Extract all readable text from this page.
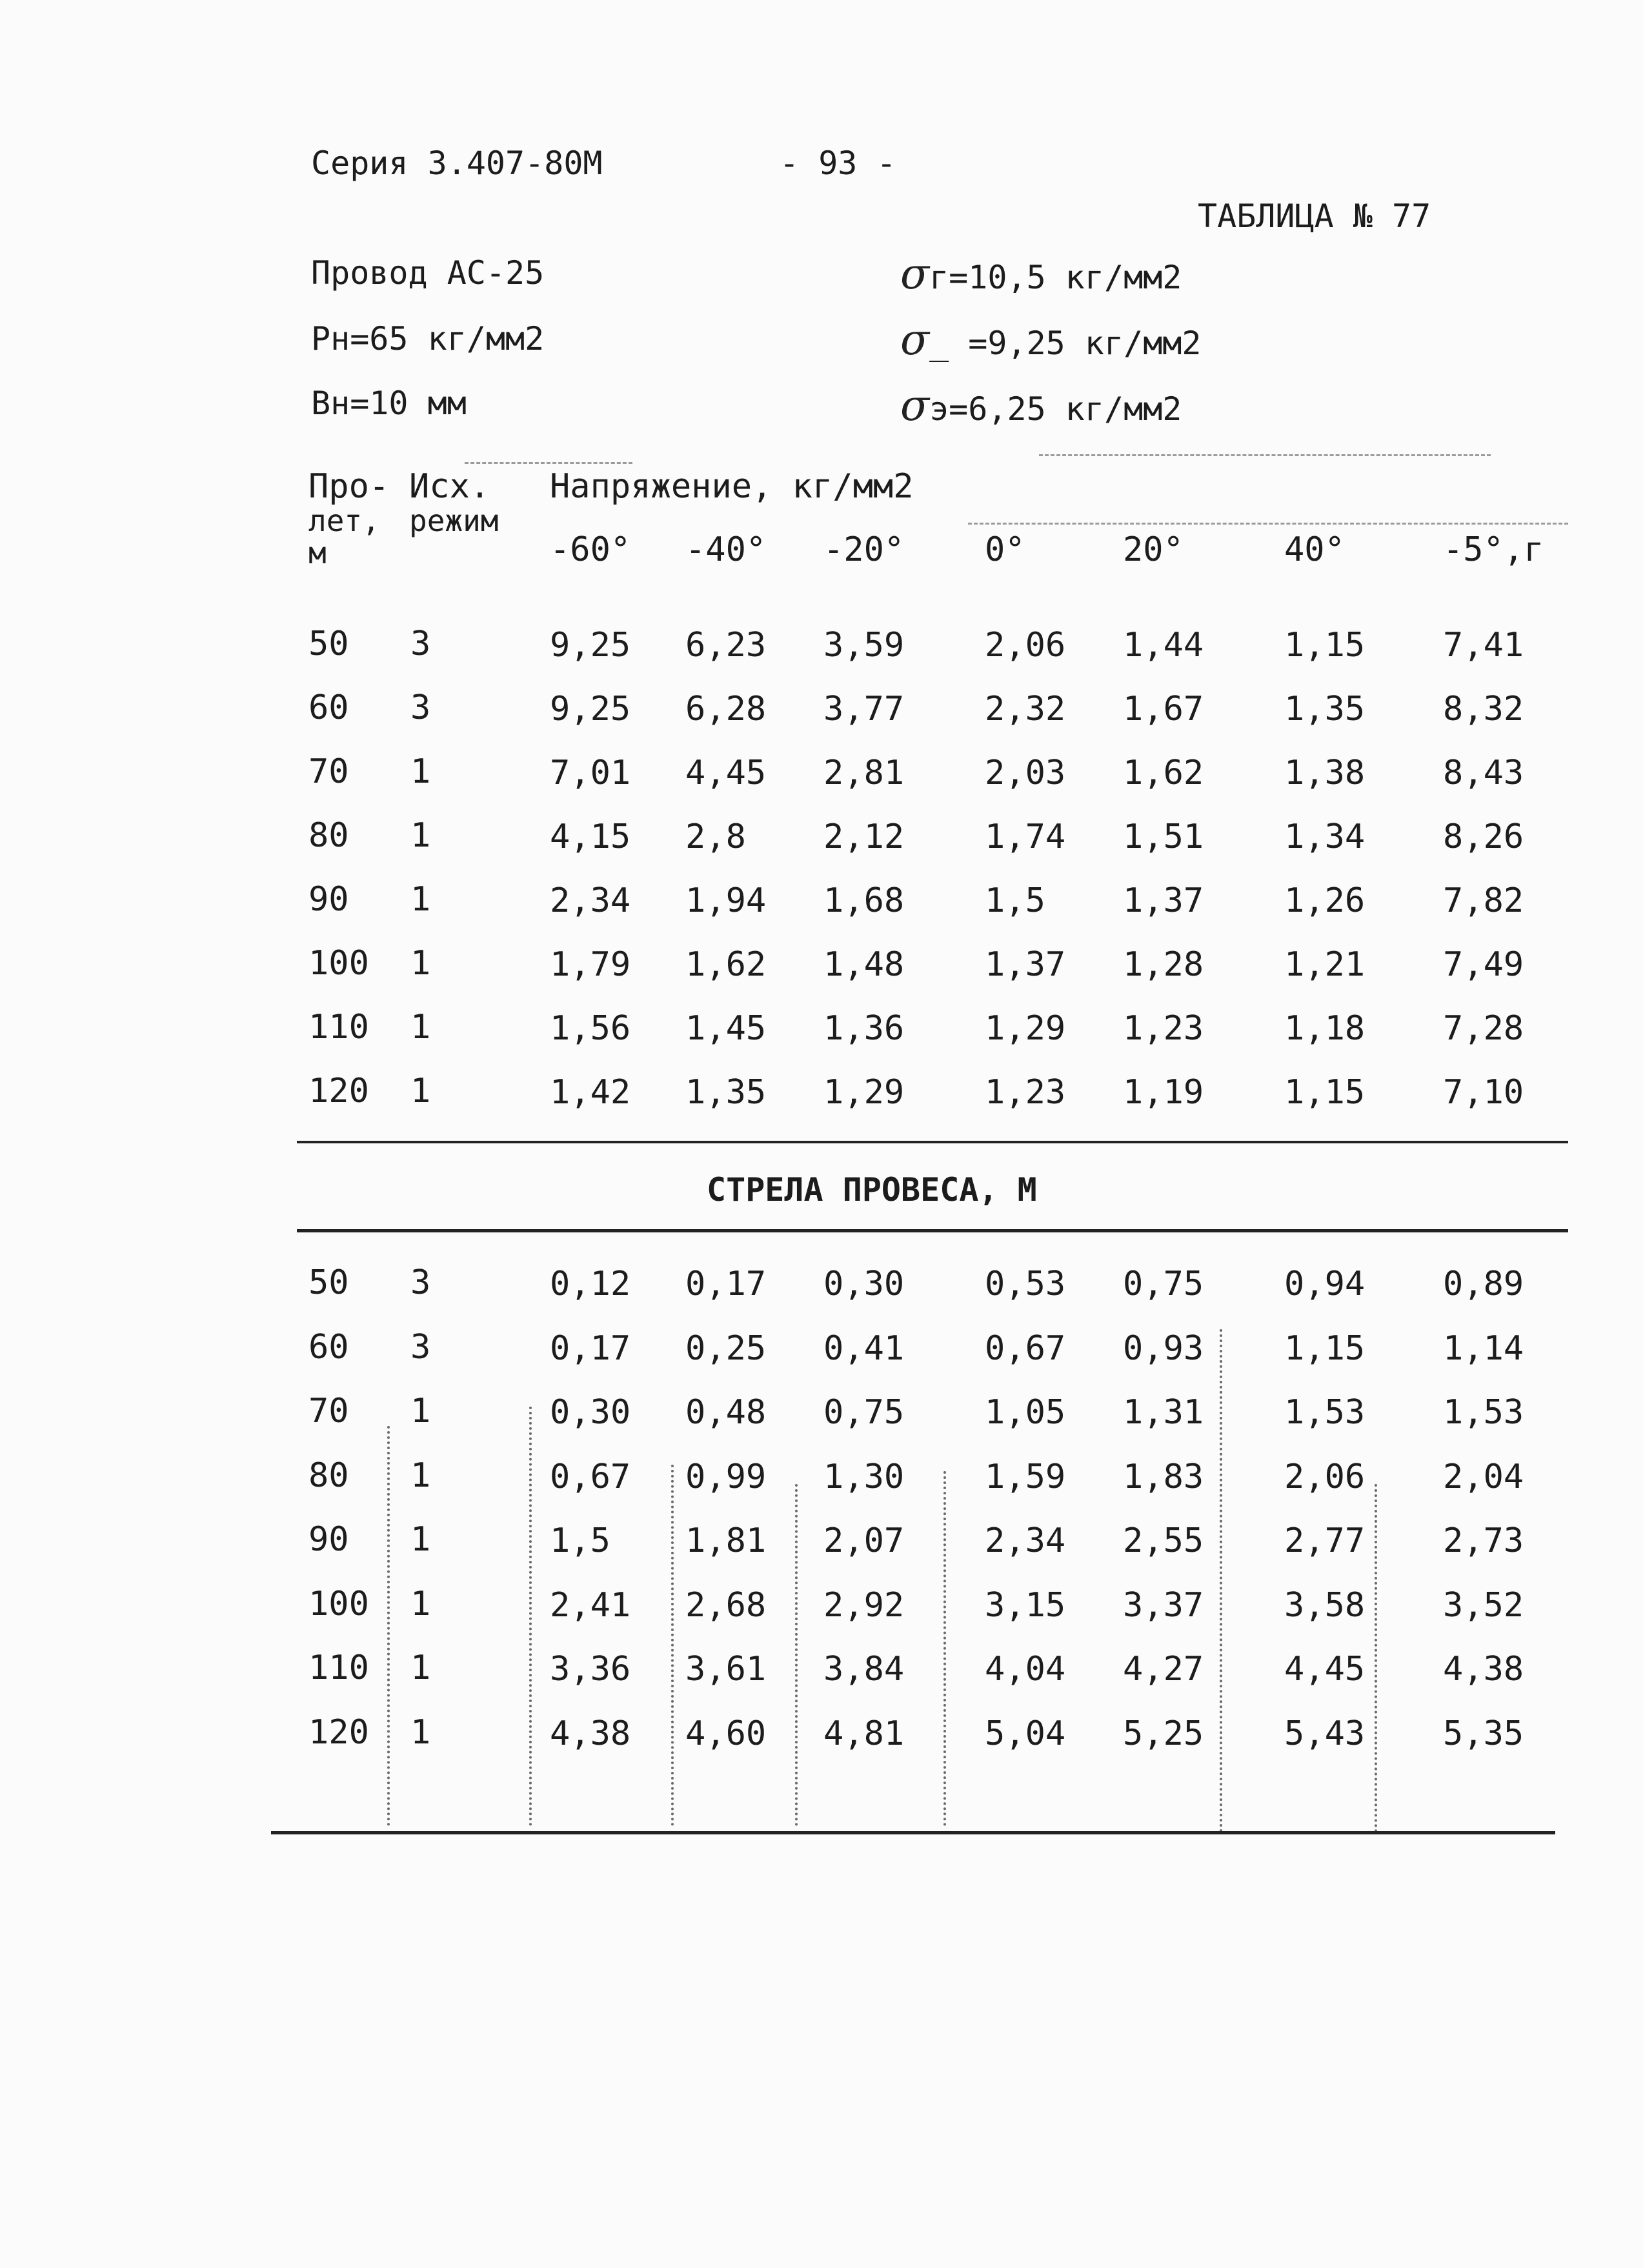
Серия 3.407-80М	- 93 -
ТАБЛИЦА № 77
Провод АС-25
Рн=65 кг/мм2
Вн=10 мм
σг=10,5 кг/мм2
σ_ =9,25 кг/мм2
σэ=6,25 кг/мм2
Про-
лет,
м
Исх.
режим
Напряжение, кг/мм2
-60° -40° -20° 0°	20°	40°	-5°,г
50 3	9,25 6,23 3,59 2,06 1,44 1,15 7,41
60 3	9,25 6,28 3,77 2,32 1,67 1,35 8,32
70 1	7,01 4,45 2,81 2,03 1,62 1,38 8,43
80 1	4,15 2,8 2,12 1,74 1,51 1,34 8,26
90 1	2,34 1,94 1,68 1,5 1,37 1,26 7,82
100 1	1,79 1,62 1,48 1,37 1,28 1,21 7,49
110 1	1,56 1,45 1,36 1,29 1,23 1,18 7,28
120 1	1,42 1,35 1,29 1,23 1,19 1,15 7,10
СТРЕЛА ПРОВЕСА, М
50 3	0,12 0,17 0,30 0,53 0,75 0,94 0,89
60 3	0,17 0,25 0,41 0,67 0,93 1,15 1,14
70 1	0,30 0,48 0,75 1,05 1,31 1,53 1,53
80 1	0,67 0,99 1,30 1,59 1,83 2,06 2,04
90 1	1,5 1,81 2,07 2,34 2,55 2,77 2,73
100 1	2,41 2,68 2,92 3,15 3,37 3,58 3,52
110 1	3,36 3,61 3,84 4,04 4,27 4,45 4,38
120 1	4,38 4,60 4,81 5,04 5,25 5,43 5,35
